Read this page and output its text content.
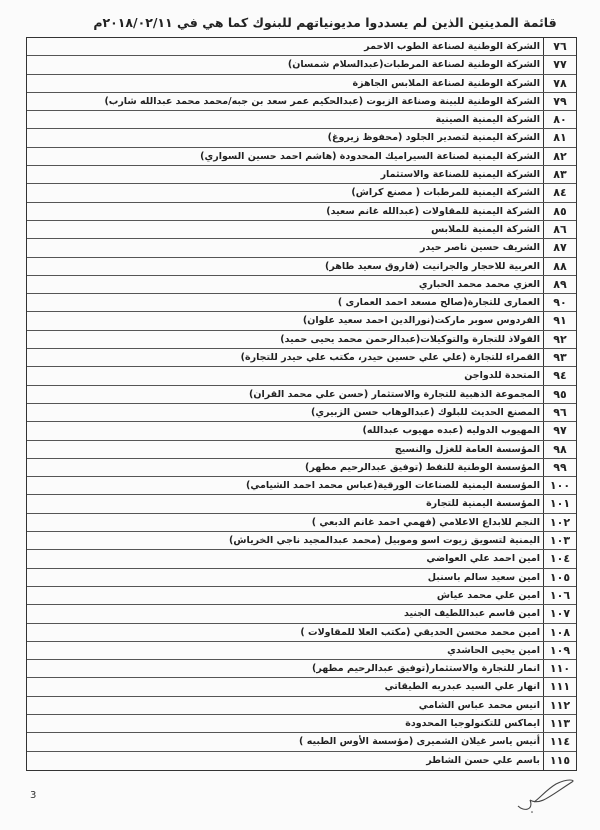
قائمة المدينين الذين لم يسددوا مديونياتهم للبنوك كما هي في ٢٠١٨/٠٢/١١م
٧٦
الشركة الوطنية لصناعة الطوب الاحمر
٧٧
الشركة الوطنية لصناعة المرطبات(عبدالسلام شمسان)
٧٨
الشركة الوطنية لصناعة الملابس الجاهزة
٧٩
الشركة الوطنية للبينة وصناعة الزيوت (عبدالحكيم عمر سعد بن جبه/محمد محمد عبدالله شارب)
٨٠
الشركة اليمنية الصينية
٨١
الشركة اليمنية لتصدير الجلود (محفوظ زيروغ)
٨٢
الشركة اليمنية لصناعة السيراميك المحدودة (هاشم احمد حسين السواري)
٨٣
الشركة اليمنية للصناعة والاستثمار
٨٤
الشركة اليمنية للمرطبات ( مصنع كراش)
٨٥
الشركة اليمنية للمقاولات (عبدالله غانم سعيد)
٨٦
الشركة اليمنية للملابس
٨٧
الشريف حسين ناصر حيدر
٨٨
العربية للاحجار والجرانيت (فاروق سعيد طاهر)
٨٩
العزي محمد محمد الحباري
٩٠
العمارى للتجارة(صالح مسعد احمد العمارى )
٩١
الفردوس سوبر ماركت(نورالدين احمد سعيد علوان)
٩٢
الفولاذ للتجارة والتوكيلات(عبدالرحمن محمد يحيى حميد)
٩٣
القمراء للتجارة (علي علي حسين حيدر، مكتب علي حيدر للتجارة)
٩٤
المتحدة للدواجن
٩٥
المجموعة الذهبية للتجارة والاستثمار (حسن علي محمد القران)
٩٦
المصنع الحديث للبلوك (عبدالوهاب حسن الزبيري)
٩٧
المهيوب الدوليه (عبده مهيوب عبدالله)
٩٨
المؤسسة العامة للغزل والنسيج
٩٩
المؤسسة الوطنية للنفط (توفيق عبدالرحيم مطهر)
١٠٠
المؤسسة اليمنية للصناعات الورقية(عباس محمد احمد الشيامي)
١٠١
المؤسسة اليمنية للتجارة
١٠٢
النجم للابداع الاعلامي (فهمي احمد غانم الدبعي )
١٠٣
اليمنية لتسويق زيوت اسو وموبيل (محمد عبدالمجيد ناجي الخرياش)
١٠٤
امين احمد علي العواضي
١٠٥
امين سعيد سالم باسنبل
١٠٦
امين علي محمد عياش
١٠٧
امين قاسم عبداللطيف الجنيد
١٠٨
امين محمد محسن الحديقي (مكتب العلا للمقاولات )
١٠٩
امين يحيى الحاشدي
١١٠
انمار للتجارة والاستثمار(توفيق عبدالرحيم مطهر)
١١١
انهار علي السيد عبدربه الطيقاتي
١١٢
انيس محمد عباس الشامي
١١٣
ايماكس للتكنولوجيا المحدودة
١١٤
أنيس ياسر غيلان الشميرى (مؤسسة الأوس الطبيه )
١١٥
باسم علي حسن الشاطر
3
